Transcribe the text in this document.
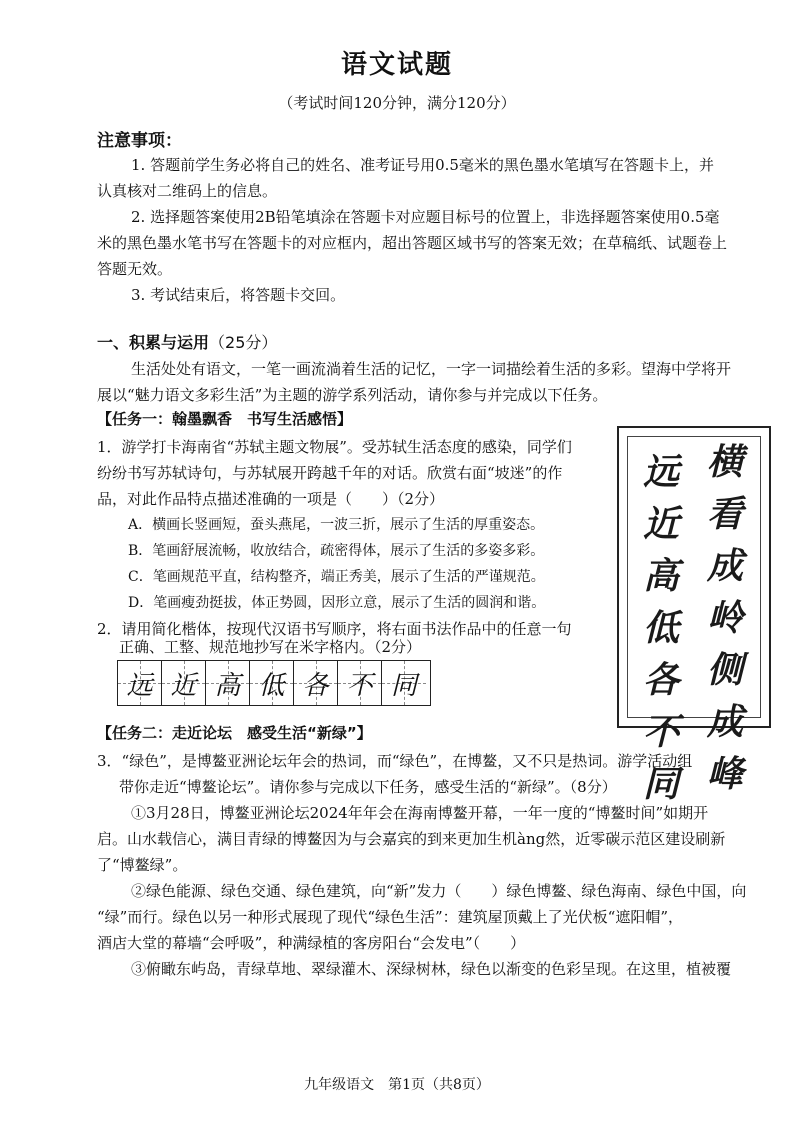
语文试题
（考试时间120分钟，满分120分）
注意事项：
1. 答题前学生务必将自己的姓名、准考证号用0.5毫米的黑色墨水笔填写在答题卡上，并
认真核对二维码上的信息。
2. 选择题答案使用2B铅笔填涂在答题卡对应题目标号的位置上，非选择题答案使用0.5毫
米的黑色墨水笔书写在答题卡的对应框内，超出答题区域书写的答案无效；在草稿纸、试题卷上
答题无效。
3. 考试结束后，将答题卡交回。
一、积累与运用（25分）
生活处处有语文，一笔一画流淌着生活的记忆，一字一词描绘着生活的多彩。望海中学将开
展以“魅力语文多彩生活”为主题的游学系列活动，请你参与并完成以下任务。
【任务一：翰墨飘香　书写生活感悟】
1．游学打卡海南省“苏轼主题文物展”。受苏轼生活态度的感染，同学们
纷纷书写苏轼诗句，与苏轼展开跨越千年的对话。欣赏右面“坡迷”的作
品，对此作品特点描述准确的一项是（　　）（2分）
A．横画长竖画短，蚕头燕尾，一波三折，展示了生活的厚重姿态。
B．笔画舒展流畅，收放结合，疏密得体，展示了生活的多姿多彩。
C．笔画规范平直，结构整齐，端正秀美，展示了生活的严谨规范。
D．笔画瘦劲挺拔，体正势圆，因形立意，展示了生活的圆润和谐。
2．请用简化楷体，按现代汉语书写顺序，将右面书法作品中的任意一句
正确、工整、规范地抄写在米字格内。（2分）
横
看
成
岭
侧
成
峰
远
近
高
低
各
不
同
远 近 高 低 各 不 同
【任务二：走近论坛　感受生活“新绿”】
3．“绿色”，是博鳌亚洲论坛年会的热词，而“绿色”，在博鳌，又不只是热词。游学活动组
带你走近“博鳌论坛”。请你参与完成以下任务，感受生活的“新绿”。（8分）
①3月28日，博鳌亚洲论坛2024年年会在海南博鳌开幕，一年一度的“博鳌时间”如期开
启。山水载信心，满目青绿的博鳌因为与会嘉宾的到来更加生机àng然，近零碳示范区建设刷新
了“博鳌绿”。
②绿色能源、绿色交通、绿色建筑，向“新”发力（　　）绿色博鳌、绿色海南、绿色中国，向
“绿”而行。绿色以另一种形式展现了现代“绿色生活”：建筑屋顶戴上了光伏板“遮阳帽”，
酒店大堂的幕墙“会呼吸”，种满绿植的客房阳台“会发电”（　　）
③俯瞰东屿岛，青绿草地、翠绿灌木、深绿树林，绿色以渐变的色彩呈现。在这里，植被覆
九年级语文　第1页（共8页）
